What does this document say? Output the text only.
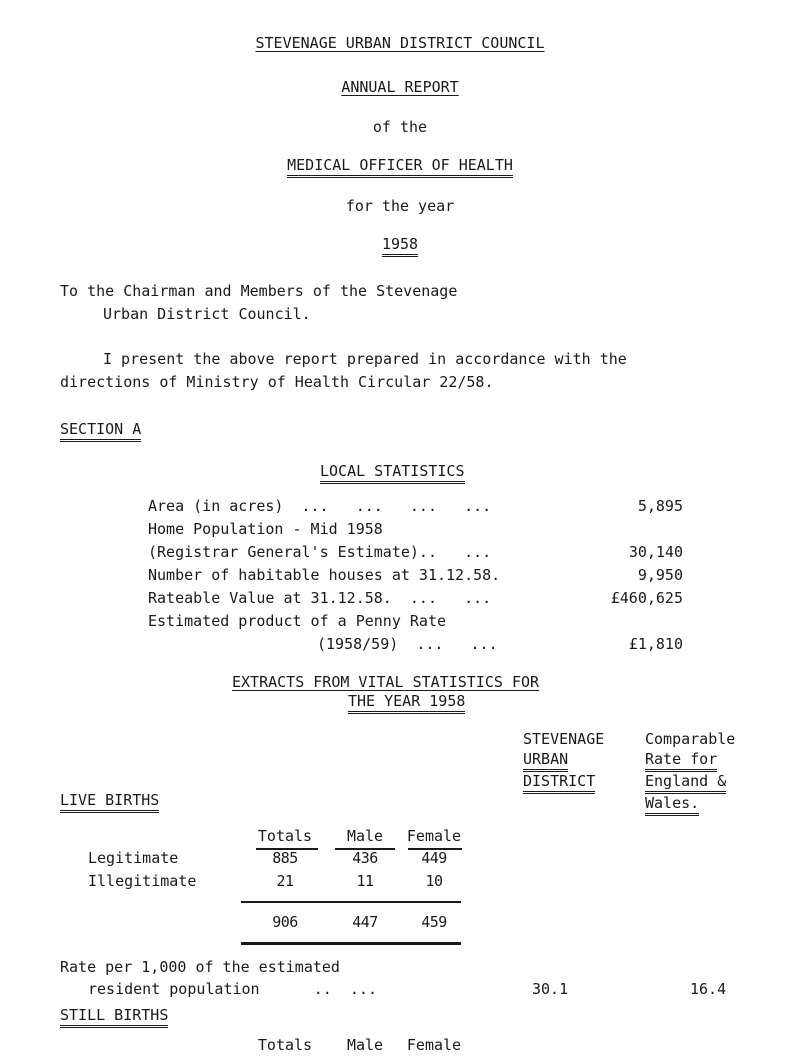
STEVENAGE URBAN DISTRICT COUNCIL
ANNUAL REPORT
of the
MEDICAL OFFICER OF HEALTH
for the year
1958
To the Chairman and Members of the Stevenage
Urban District Council.
I present the above report prepared in accordance with the
directions of Ministry of Health Circular 22/58.
SECTION A
LOCAL STATISTICS
Area (in acres)  ...   ...   ...   ...	5,895
Home Population - Mid 1958
(Registrar General's Estimate)..   ...	30,140
Number of habitable houses at 31.12.58.	9,950
Rateable Value at 31.12.58.  ...   ...	£460,625
Estimated product of a Penny Rate
(1958/59)  ...   ...	£1,810
EXTRACTS FROM VITAL STATISTICS FOR
THE YEAR 1958
STEVENAGE
URBAN
DISTRICT
Comparable
Rate for
England &
Wales.
LIVE BIRTHS
Totals	Male	Female
Legitimate	885	436	449
Illegitimate	21	11	10
906	447	459
Rate per 1,000 of the estimated
resident population      ..  ...	30.1	16.4
STILL BIRTHS
Totals	Male	Female
